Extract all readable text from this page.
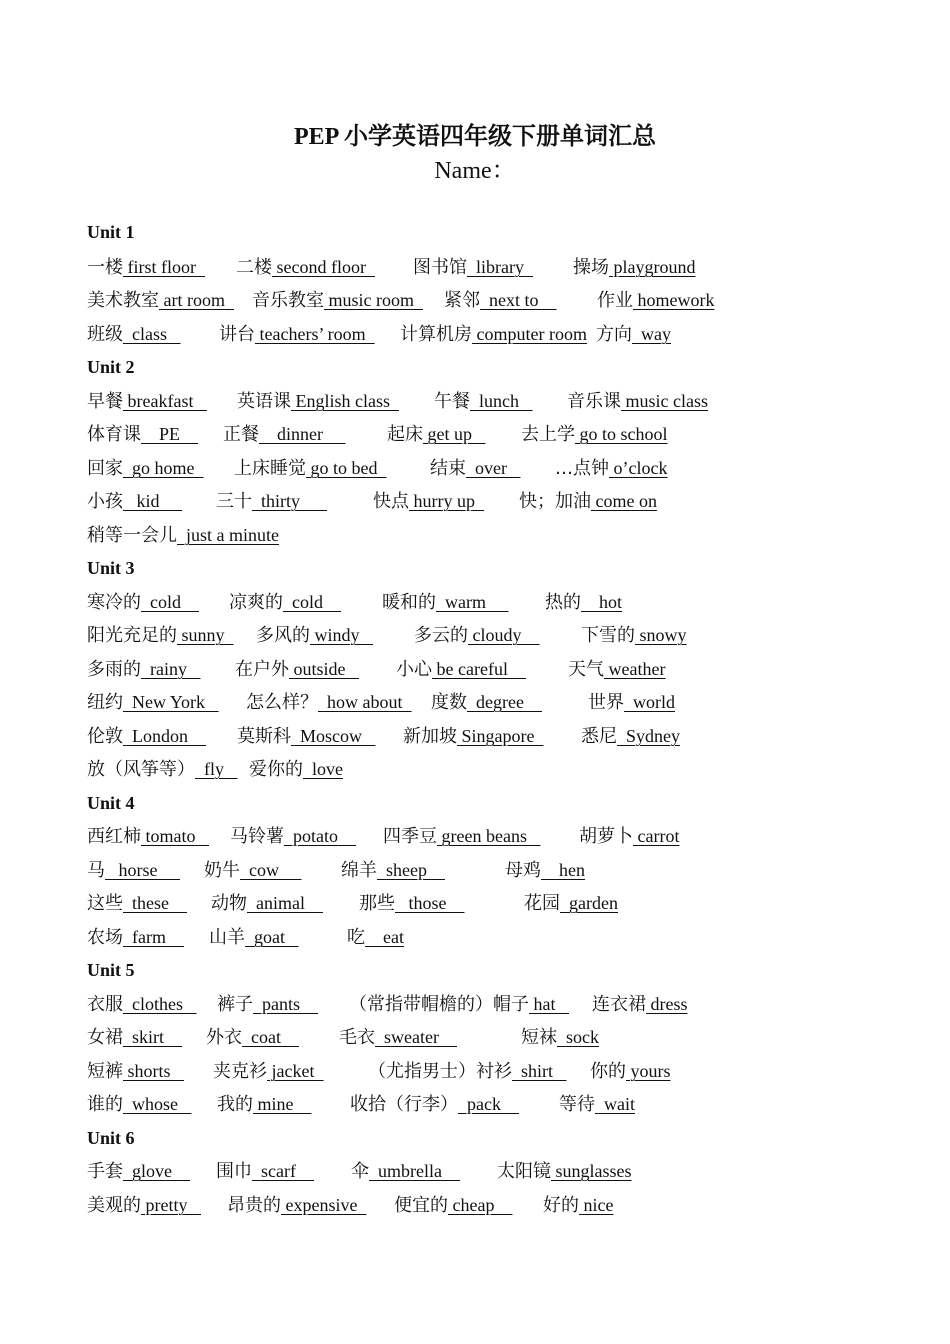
PEP 小学英语四年级下册单词汇总
Name：
Unit 1
一楼 first floor 二楼 second floor 图书馆  library 操场 playground
美术教室 art room 音乐教室 music room 紧邻  next to 作业 homework
班级  class 讲台 teachers’ room 计算机房 computer room 方向  way
Unit 2
早餐 breakfast 英语课 English class 午餐  lunch 音乐课 music class
体育课    PE 正餐    dinner 起床 get up 去上学 go to school
回家  go home 上床睡觉 go to bed 结束  over …点钟 o’clock
小孩   kid 三十  thirty	快点 hurry up 快；加油 come on
稍等一会儿  just a minute
Unit 3
寒冷的  cold 凉爽的  cold 暖和的  warm 热的    hot
阳光充足的 sunny 多风的 windy 多云的 cloudy 下雪的 snowy
多雨的  rainy 在户外 outside 小心 be careful 天气 weather
纽约  New York 怎么样？  how about 度数  degree	世界  world
伦敦  London 莫斯科  Moscow 新加坡 Singapore 悉尼  Sydney
放（风筝等）  fly 爱你的  love
Unit 4
西红柿 tomato 马铃薯  potato 四季豆 green beans 胡萝卜 carrot
马   horse 奶牛  cow 绵羊  sheep	母鸡    hen
这些  these 动物  animal 那些   those	花园  garden
农场  farm 山羊  goat	吃    eat
Unit 5
衣服  clothes 裤子  pants （常指带帽檐的）帽子 hat 连衣裙 dress
女裙  skirt 外衣  coat 毛衣  sweater	短袜  sock
短裤 shorts 夹克衫 jacket （尤指男士）衬衫  shirt 你的 yours
谁的  whose 我的 mine 收拾（行李）  pack 等待  wait
Unit 6
手套  glove 围巾  scarf 伞  umbrella 太阳镜 sunglasses
美观的 pretty 昂贵的 expensive 便宜的 cheap 好的 nice
